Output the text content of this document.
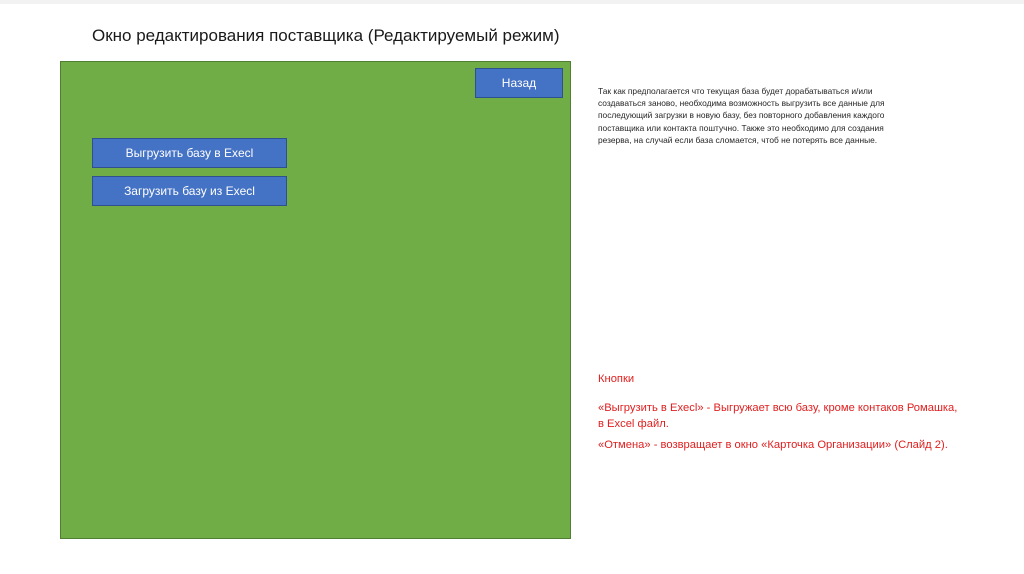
Окно редактирования поставщика (Редактируемый режим)
Назад
Выгрузить базу в Execl
Загрузить базу из Execl
Так как предполагается что текущая база будет дорабатываться и/или создаваться заново, необходима возможность выгрузить все данные для последующий загрузки в новую базу, без повторного добавления каждого поставщика или контакта поштучно. Также это необходимо для создания резерва, на случай если база сломается, чтоб не потерять все данные.
Кнопки
«Выгрузить в Execl» - Выгружает всю базу, кроме контаков Ромашка, в Excel файл.
«Отмена» - возвращает в окно «Карточка Организации» (Слайд 2).
